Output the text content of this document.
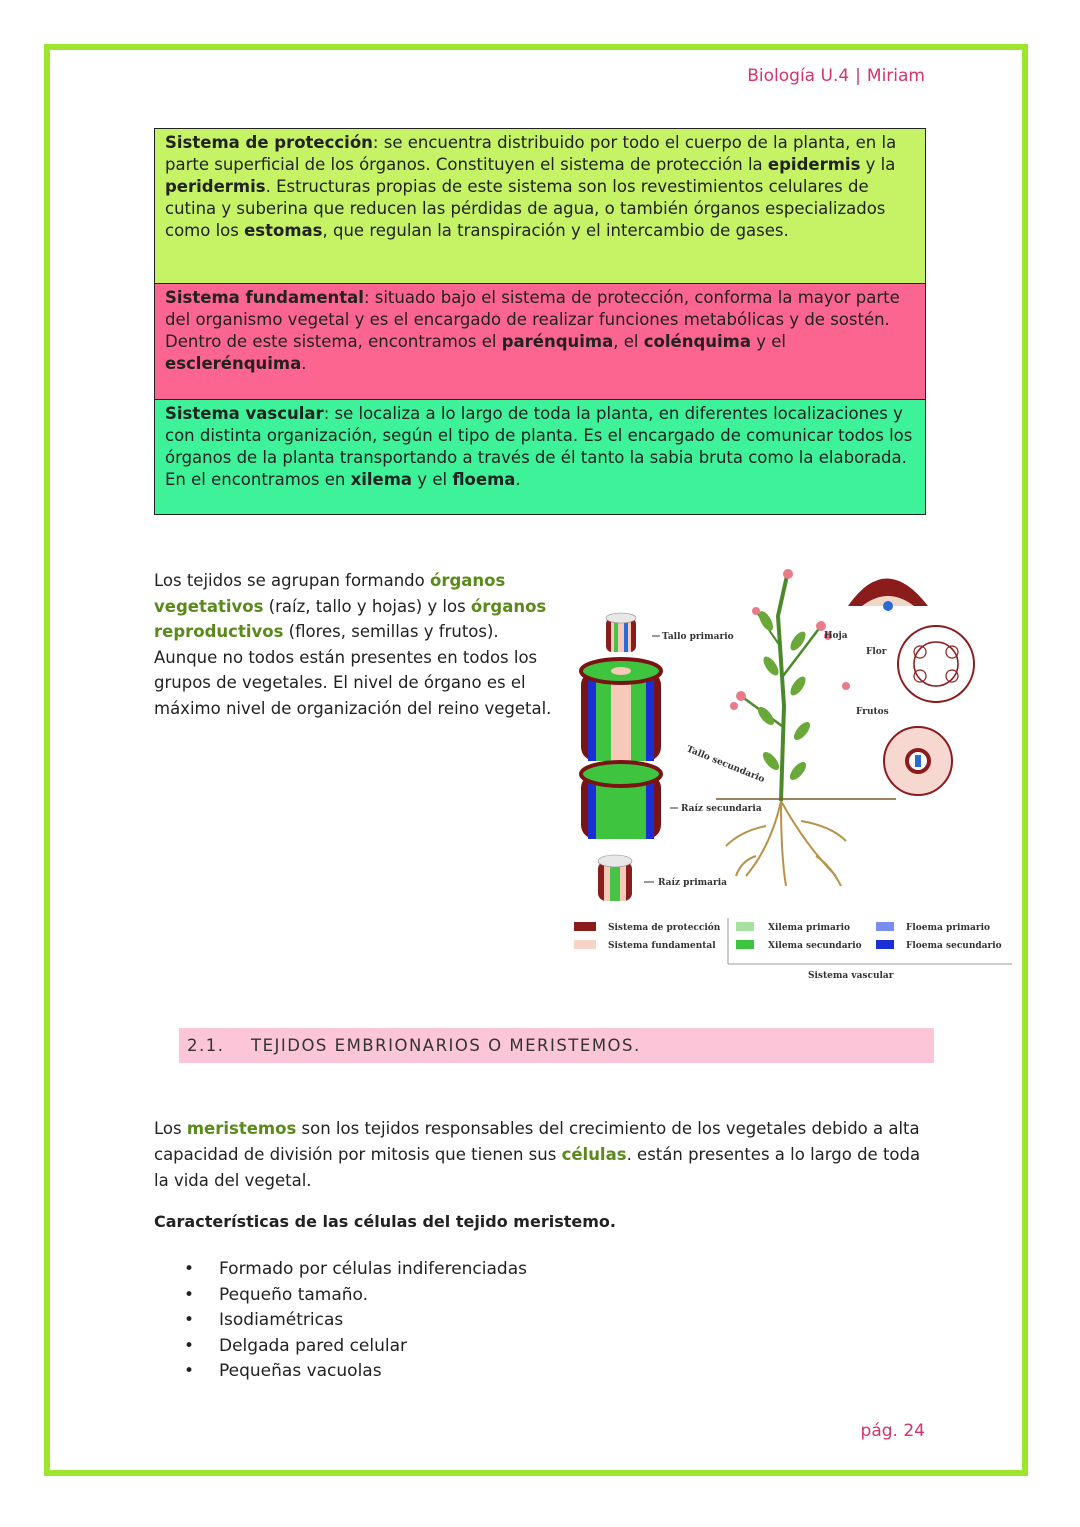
Biología U.4 | Miriam
Sistema de protección: se encuentra distribuido por todo el cuerpo de la planta, en la parte superficial de los órganos. Constituyen el sistema de protección la epidermis y la peridermis. Estructuras propias de este sistema son los revestimientos celulares de cutina y suberina que reducen las pérdidas de agua, o también órganos especializados como los estomas, que regulan la transpiración y el intercambio de gases.
Sistema fundamental: situado bajo el sistema de protección, conforma la mayor parte del organismo vegetal y es el encargado de realizar funciones metabólicas y de sostén. Dentro de este sistema, encontramos el parénquima, el colénquima y el esclerénquima.
Sistema vascular: se localiza a lo largo de toda la planta, en diferentes localizaciones y con distinta organización, según el tipo de planta. Es el encargado de comunicar todos los órganos de la planta transportando a través de él tanto la sabia bruta como la elaborada. En el encontramos en xilema y el floema.
Los tejidos se agrupan formando órganos vegetativos (raíz, tallo y hojas) y los órganos reproductivos (flores, semillas y frutos). Aunque no todos están presentes en todos los grupos de vegetales. El nivel de órgano es el máximo nivel de organización del reino vegetal.
Tallo primario
Raíz secundaria
Raíz primaria
Hoja
Flor
Frutos
Tallo secundario
Sistema de protección
Sistema fundamental
Xilema primario
Xilema secundario
Floema primario
Floema secundario
Sistema vascular
2.1.	TEJIDOS EMBRIONARIOS O MERISTEMOS.
Los meristemos son los tejidos responsables del crecimiento de los vegetales debido a alta capacidad de división por mitosis que tienen sus células. están presentes a lo largo de toda la vida del vegetal.
Características de las células del tejido meristemo.
• Formado por células indiferenciadas
• Pequeño tamaño.
• Isodiamétricas
• Delgada pared celular
• Pequeñas vacuolas
pág. 24
